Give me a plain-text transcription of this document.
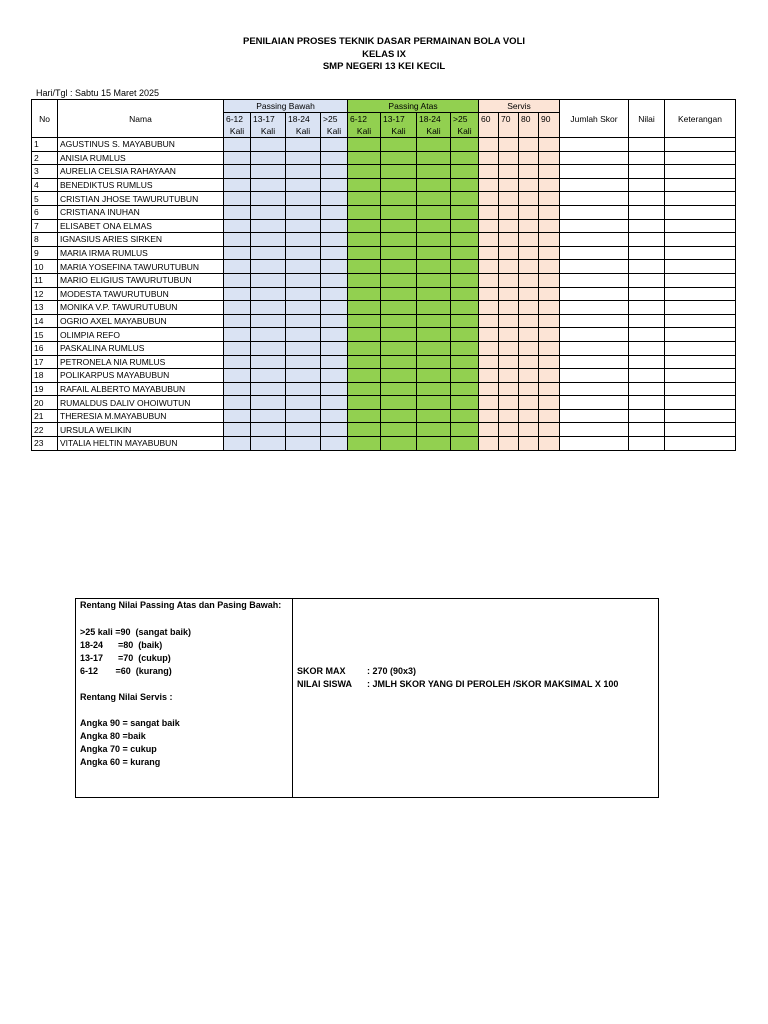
PENILAIAN PROSES TEKNIK DASAR PERMAINAN BOLA VOLI
KELAS IX
SMP NEGERI 13 KEI KECIL
Hari/Tgl : Sabtu 15 Maret 2025
No	Nama	Passing Bawah				Passing Atas				Servis				Jumlah Skor	Nilai	Keterangan
		6-12	13-17	18-24	>25	6-12	13-17	18-24	>25	60	70	80	90			
		Kali	Kali	Kali	Kali	Kali	Kali	Kali	Kali							
1	AGUSTINUS S. MAYABUBUN															
2	ANISIA RUMLUS															
3	AURELIA CELSIA RAHAYAAN															
4	BENEDIKTUS RUMLUS															
5	CRISTIAN JHOSE TAWURUTUBUN															
6	CRISTIANA INUHAN															
7	ELISABET ONA ELMAS															
8	IGNASIUS ARIES SIRKEN															
9	MARIA IRMA RUMLUS															
10	MARIA YOSEFINA TAWURUTUBUN															
11	MARIO ELIGIUS TAWURUTUBUN															
12	MODESTA TAWURUTUBUN															
13	MONIKA V.P. TAWURUTUBUN															
14	OGRIO AXEL MAYABUBUN															
15	OLIMPIA REFO															
16	PASKALINA RUMLUS															
17	PETRONELA NIA RUMLUS															
18	POLIKARPUS MAYABUBUN															
19	RAFAIL ALBERTO MAYABUBUN															
20	RUMALDUS DALIV OHOIWUTUN															
21	THERESIA M.MAYABUBUN															
22	URSULA WELIKIN															
23	VITALIA HELTIN MAYABUBUN															
Rentang Nilai Passing Atas dan Pasing Bawah:
>25 kali =90  (sangat baik)
18-24      =80  (baik)
13-17      =70  (cukup)
6-12       =60  (kurang)
Rentang Nilai Servis :
Angka 90 = sangat baik
Angka 80 =baik
Angka 70 = cukup
Angka 60 = kurang
SKOR MAX : 270 (90x3)
NILAI SISWA : JMLH SKOR YANG DI PEROLEH /SKOR MAKSIMAL X 100
